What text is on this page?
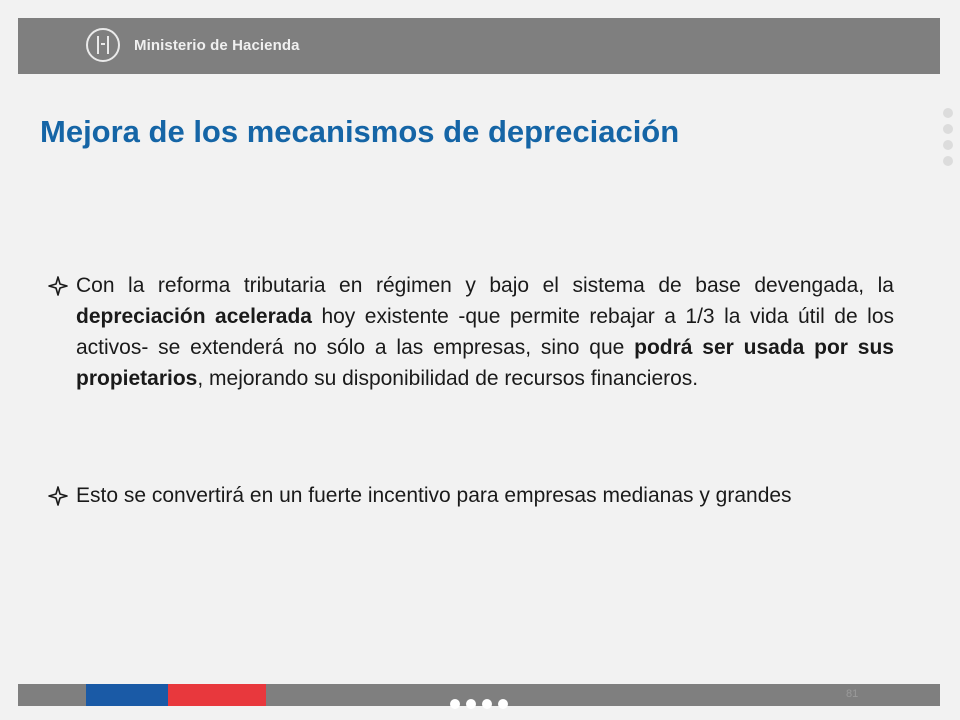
Ministerio de Hacienda
Mejora de los mecanismos de depreciación
Con la reforma tributaria en régimen y bajo el sistema de base devengada, la depreciación acelerada hoy existente -que permite rebajar a 1/3 la vida útil de los activos- se extenderá no sólo a las empresas, sino que podrá ser usada por sus propietarios, mejorando su disponibilidad de recursos financieros.
Esto se convertirá en un fuerte incentivo para empresas medianas y grandes
81
